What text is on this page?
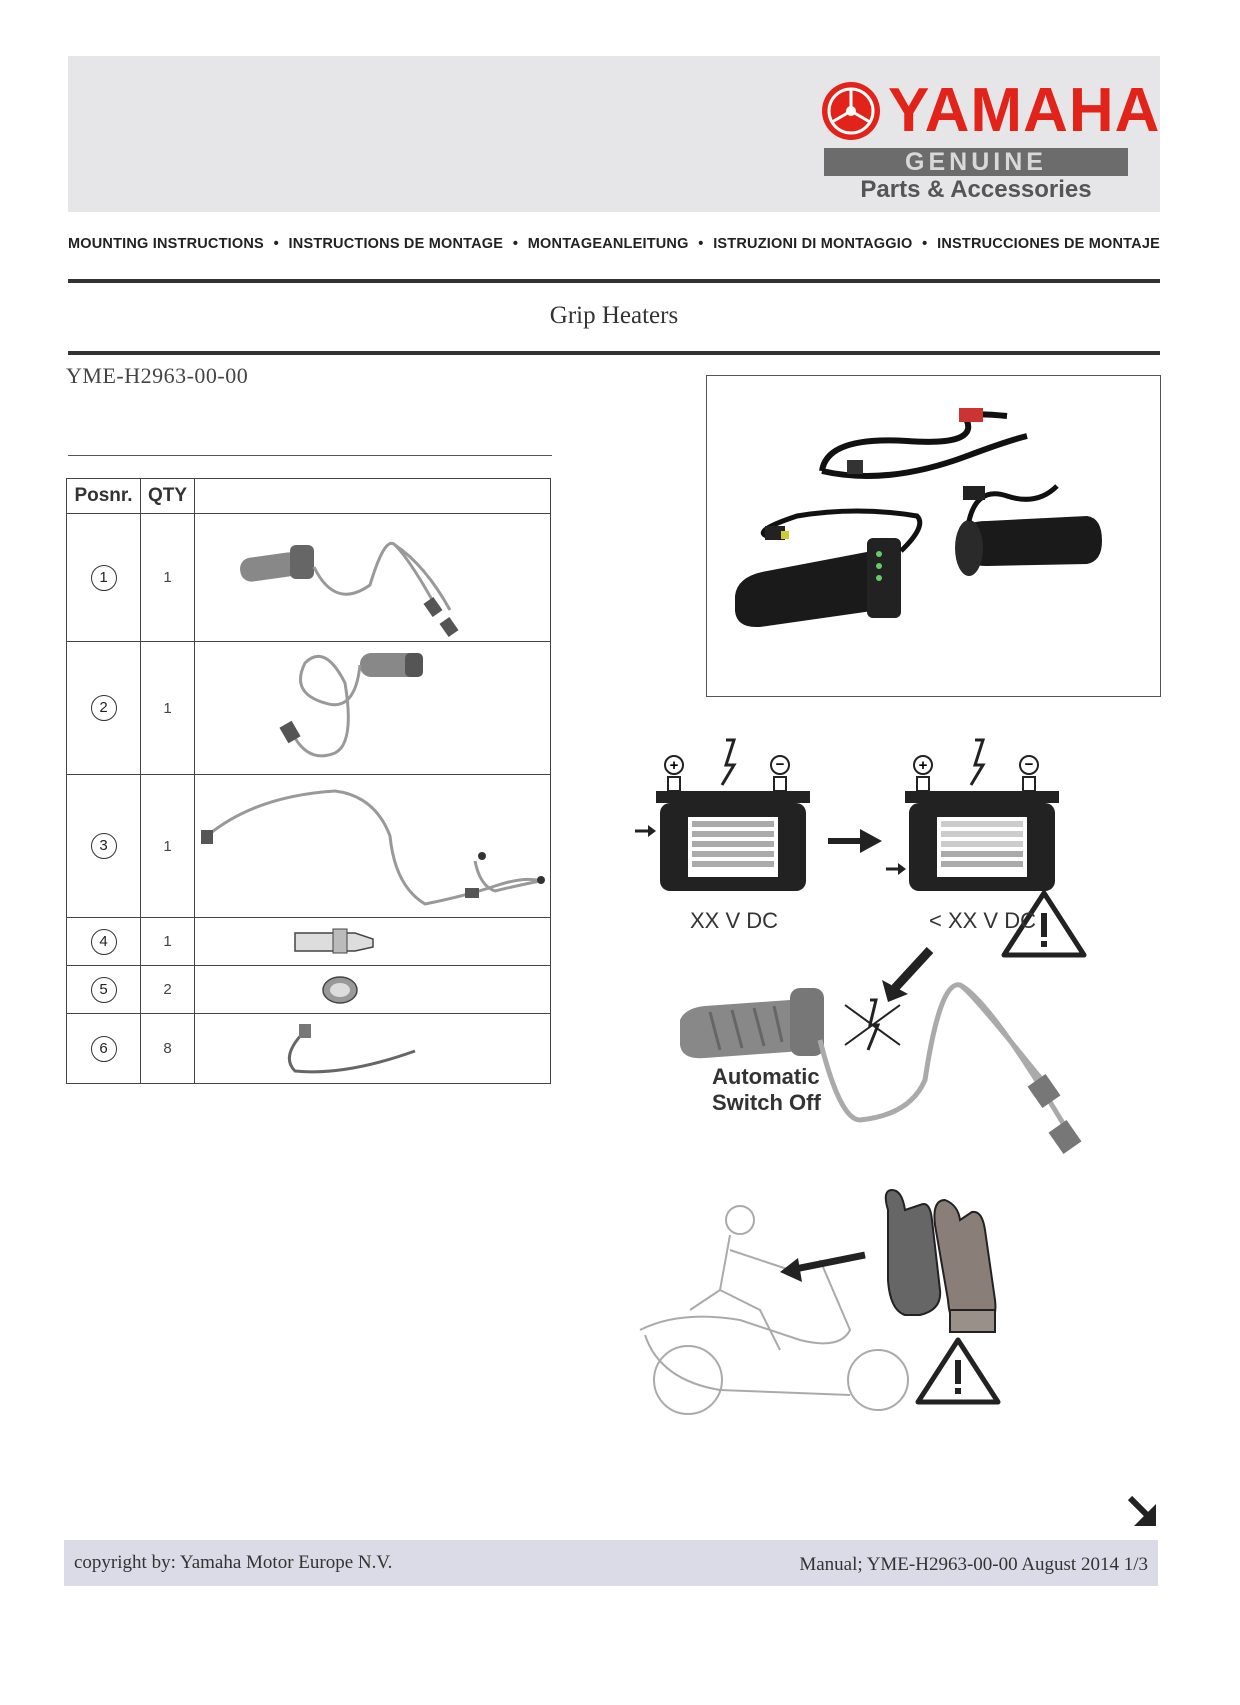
YAMAHA
GENUINE
Parts & Accessories
MOUNTING INSTRUCTIONS • INSTRUCTIONS DE MONTAGE • MONTAGEANLEITUNG • ISTRUZIONI DI MONTAGGIO • INSTRUCCIONES DE MONTAJE
Grip Heaters
YME-H2963-00-00
Posnr.	QTY	
1	1	

2	1	

3	1	

4	1	

5	2	

6	8	
+	−	+	−
XX V DC	< XX V DC
Automatic
Switch Off
copyright by: Yamaha Motor Europe N.V.	Manual; YME-H2963-00-00 August 2014 1/3
